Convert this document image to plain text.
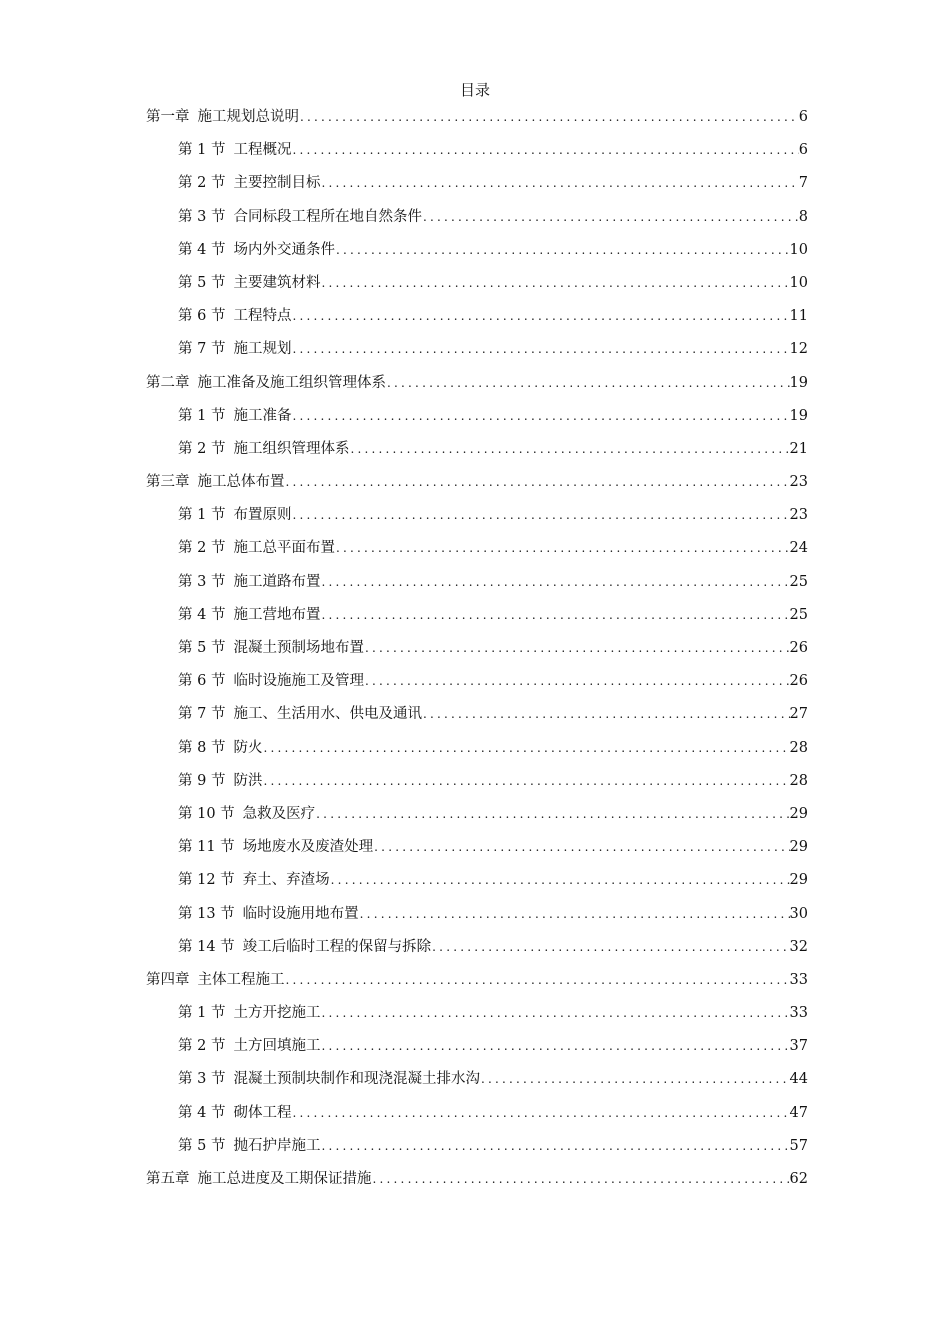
目录
第一章 施工规划总说明 .....	6
第 1 节 工程概况 .....	6
第 2 节 主要控制目标 .....	7
第 3 节 合同标段工程所在地自然条件 .....	8
第 4 节 场内外交通条件 .....	10
第 5 节 主要建筑材料 .....	10
第 6 节 工程特点 .....	11
第 7 节 施工规划 .....	12
第二章 施工准备及施工组织管理体系 .....	19
第 1 节 施工准备 .....	19
第 2 节 施工组织管理体系 .....	21
第三章 施工总体布置 .....	23
第 1 节 布置原则 .....	23
第 2 节 施工总平面布置 .....	24
第 3 节 施工道路布置 .....	25
第 4 节 施工营地布置 .....	25
第 5 节 混凝土预制场地布置 .....	26
第 6 节 临时设施施工及管理 .....	26
第 7 节 施工、生活用水、供电及通讯 .....	27
第 8 节 防火 .....	28
第 9 节 防洪 .....	28
第 10 节 急救及医疗 .....	29
第 11 节 场地废水及废渣处理 .....	29
第 12 节 弃土、弃渣场 .....	29
第 13 节 临时设施用地布置 .....	30
第 14 节 竣工后临时工程的保留与拆除 .....	32
第四章 主体工程施工 .....	33
第 1 节 土方开挖施工 .....	33
第 2 节 土方回填施工 .....	37
第 3 节 混凝土预制块制作和现浇混凝土排水沟 .....	44
第 4 节 砌体工程 .....	47
第 5 节 抛石护岸施工 .....	57
第五章 施工总进度及工期保证措施 .....	62
